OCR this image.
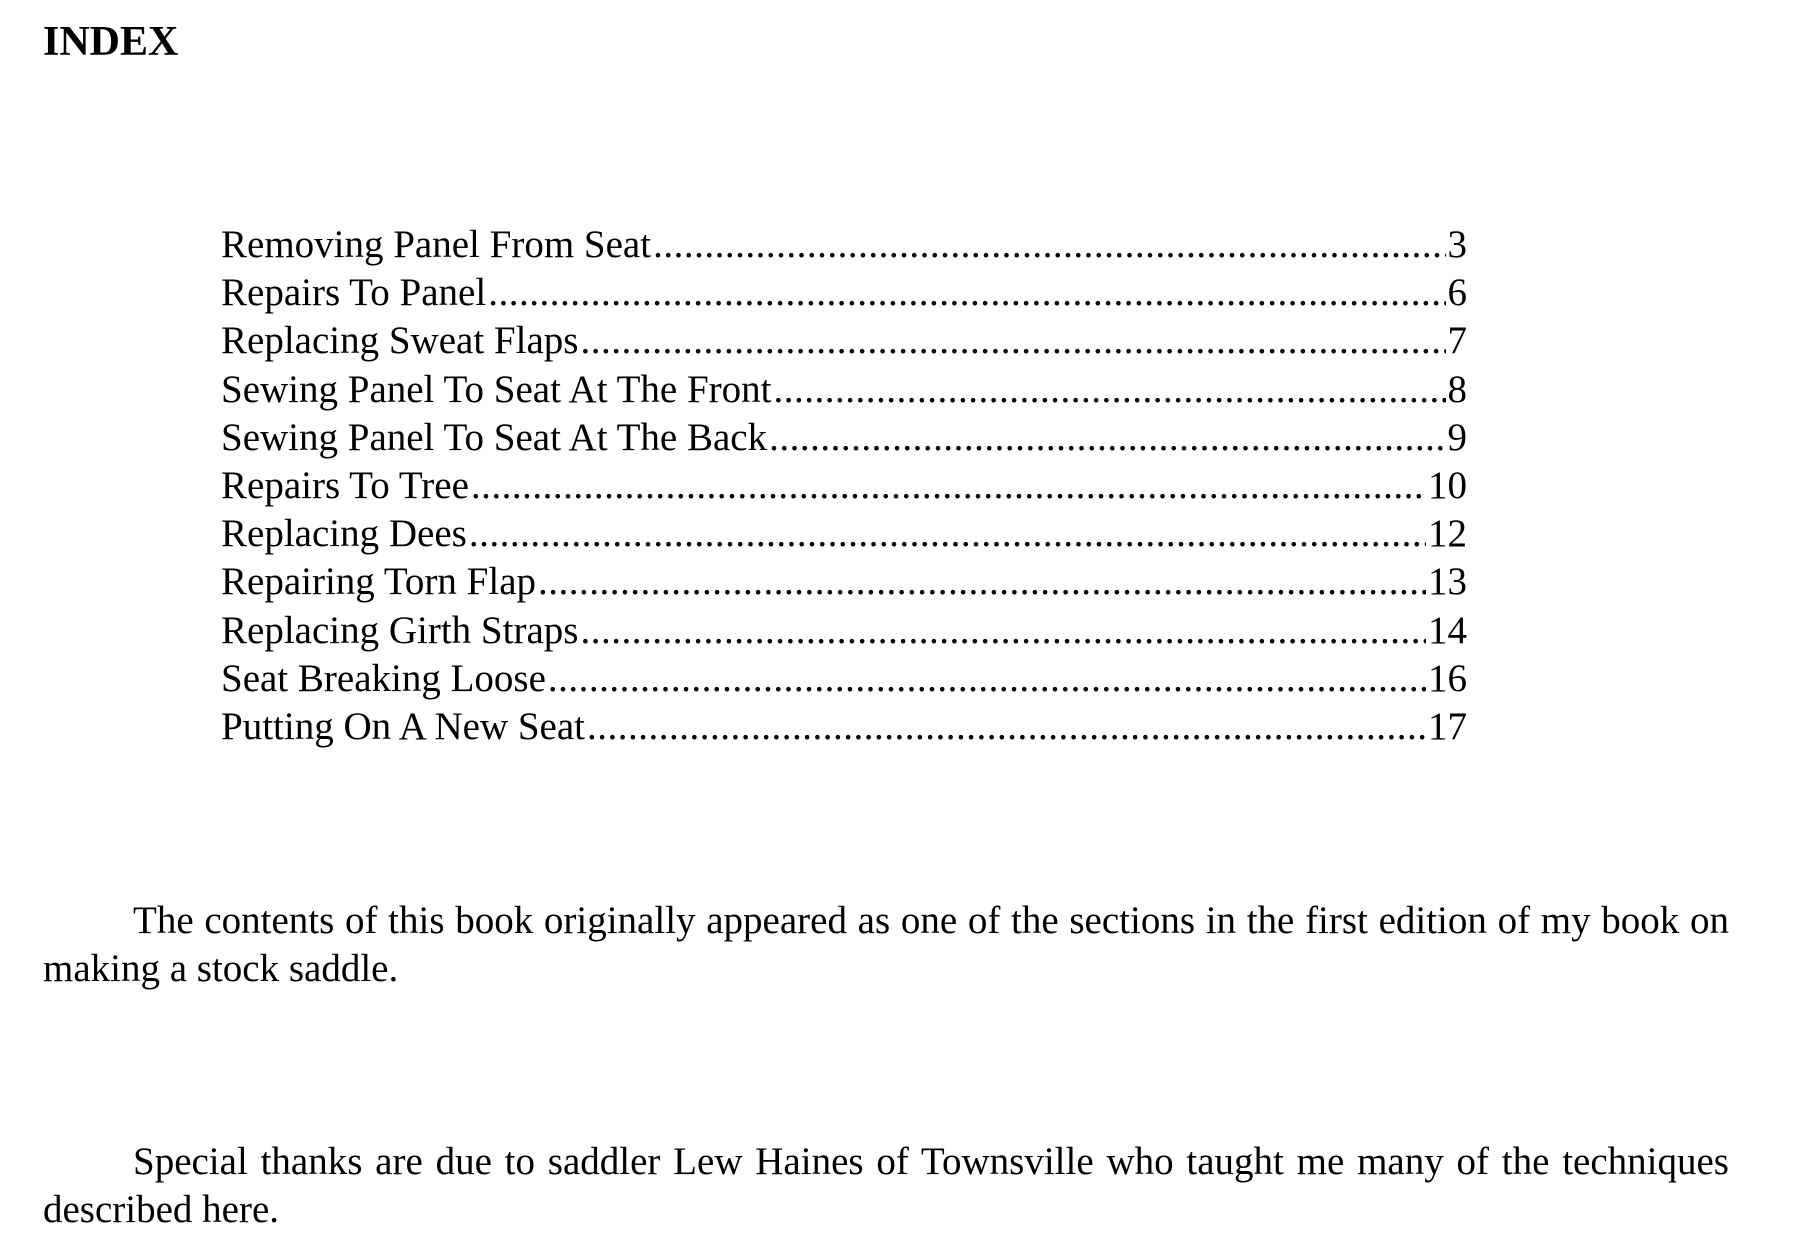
INDEX
Removing Panel From Seat .....	3
Repairs To Panel .....	6
Replacing Sweat Flaps .....	7
Sewing Panel To Seat At The Front .....	8
Sewing Panel To Seat At The Back .....	9
Repairs To Tree .....	10
Replacing Dees .....	12
Repairing Torn Flap .....	13
Replacing Girth Straps .....	14
Seat Breaking Loose .....	16
Putting On A New Seat .....	17

The contents of this book originally appeared as one of the sections in the first edition of my book on making a stock saddle.

Special thanks are due to saddler Lew Haines of Townsville who taught me many of the techniques described here.
